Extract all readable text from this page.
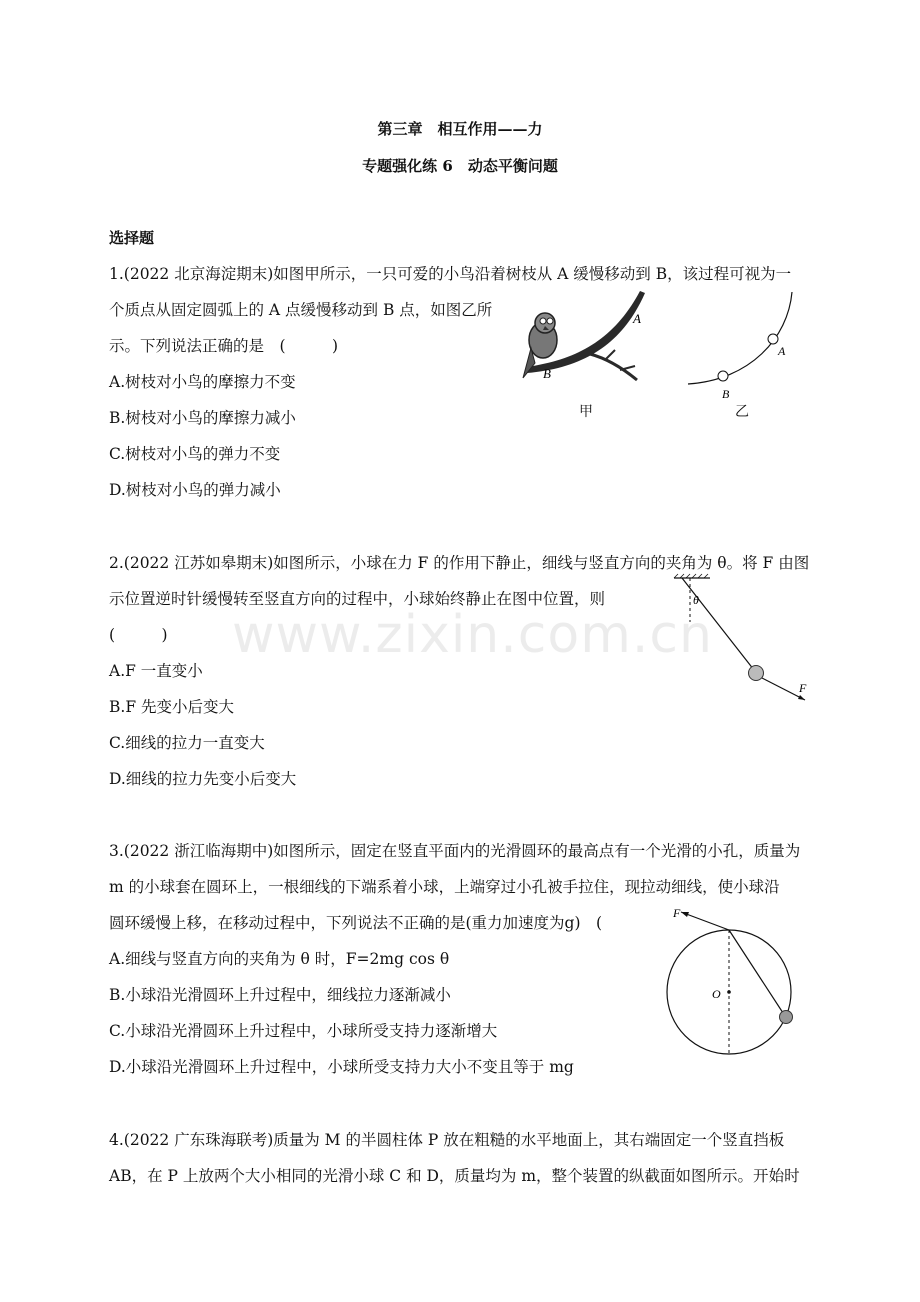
www.zixin.com.cn
第三章　相互作用——力
专题强化练 6　动态平衡问题
选择题
1.(2022 北京海淀期末)如图甲所示，一只可爱的小鸟沿着树枝从 A 缓慢移动到 B，该过程可视为一
个质点从固定圆弧上的 A 点缓慢移动到 B 点，如图乙所
示。下列说法正确的是　(　　　)
A.树枝对小鸟的摩擦力不变
B.树枝对小鸟的摩擦力减小
C.树枝对小鸟的弹力不变
D.树枝对小鸟的弹力减小
A
B
甲
A
B
乙
2.(2022 江苏如皋期末)如图所示，小球在力 F 的作用下静止，细线与竖直方向的夹角为 θ。将 F 由图
示位置逆时针缓慢转至竖直方向的过程中，小球始终静止在图中位置，则
(　　　)
A.F 一直变小
B.F 先变小后变大
C.细线的拉力一直变大
D.细线的拉力先变小后变大
θ
F
3.(2022 浙江临海期中)如图所示，固定在竖直平面内的光滑圆环的最高点有一个光滑的小孔，质量为
m 的小球套在圆环上，一根细线的下端系着小球，上端穿过小孔被手拉住，现拉动细线，使小球沿
圆环缓慢上移，在移动过程中，下列说法不正确的是(重力加速度为g)　(
A.细线与竖直方向的夹角为 θ 时，F=2mg cos θ
B.小球沿光滑圆环上升过程中，细线拉力逐渐减小
C.小球沿光滑圆环上升过程中，小球所受支持力逐渐增大
D.小球沿光滑圆环上升过程中，小球所受支持力大小不变且等于 mg
O
F
4.(2022 广东珠海联考)质量为 M 的半圆柱体 P 放在粗糙的水平地面上，其右端固定一个竖直挡板
AB，在 P 上放两个大小相同的光滑小球 C 和 D，质量均为 m，整个装置的纵截面如图所示。开始时
